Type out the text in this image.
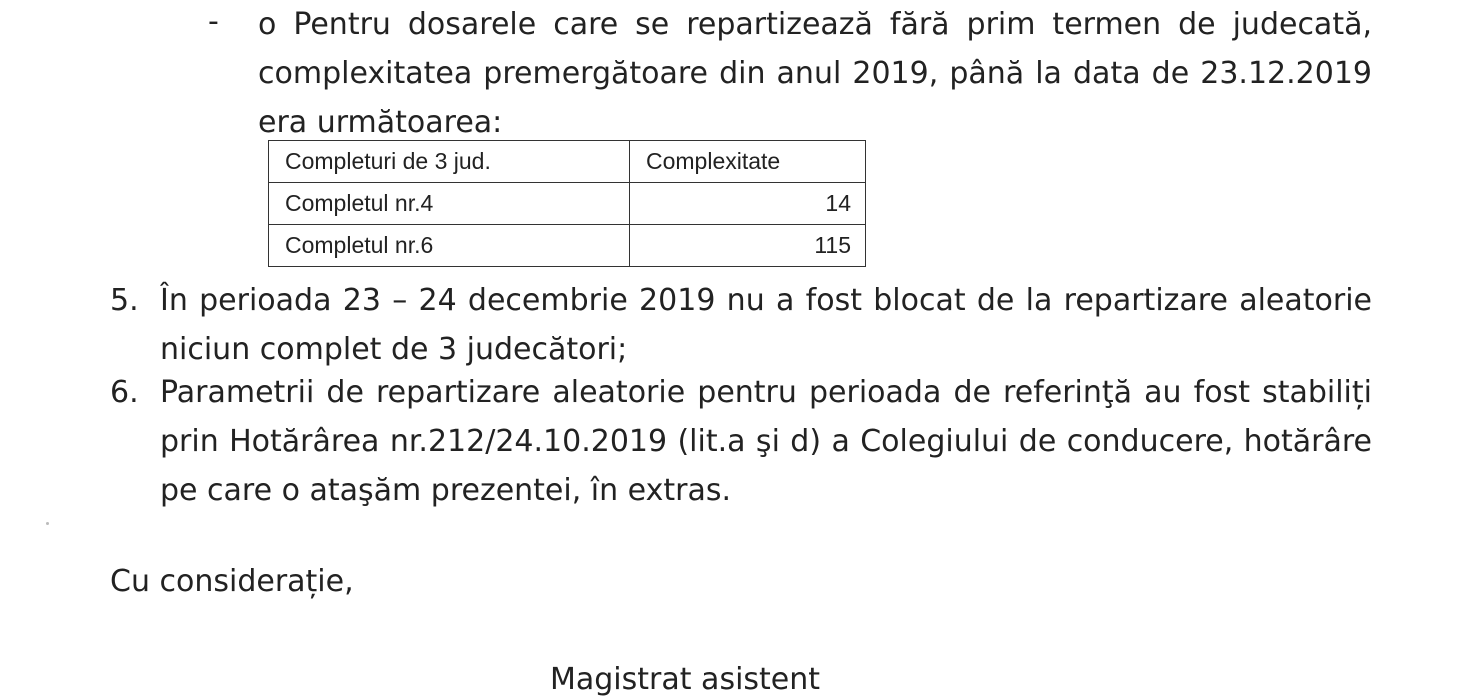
- o Pentru dosarele care se repartizează fără prim termen de judecată, complexitatea premergătoare din anul 2019, până la data de 23.12.2019 era următoarea:

Completuri de 3 jud.	Complexitate
Completul nr.4	14
Completul nr.6	115
5. În perioada 23 – 24 decembrie 2019 nu a fost blocat de la repartizare aleatorie niciun complet de 3 judecători;

6. Parametrii de repartizare aleatorie pentru perioada de referinţă au fost stabiliți prin Hotărârea nr.212/24.10.2019 (lit.a şi d) a Colegiului de conducere, hotărâre pe care o ataşăm prezentei, în extras.

Cu considerație,
Magistrat asistent
